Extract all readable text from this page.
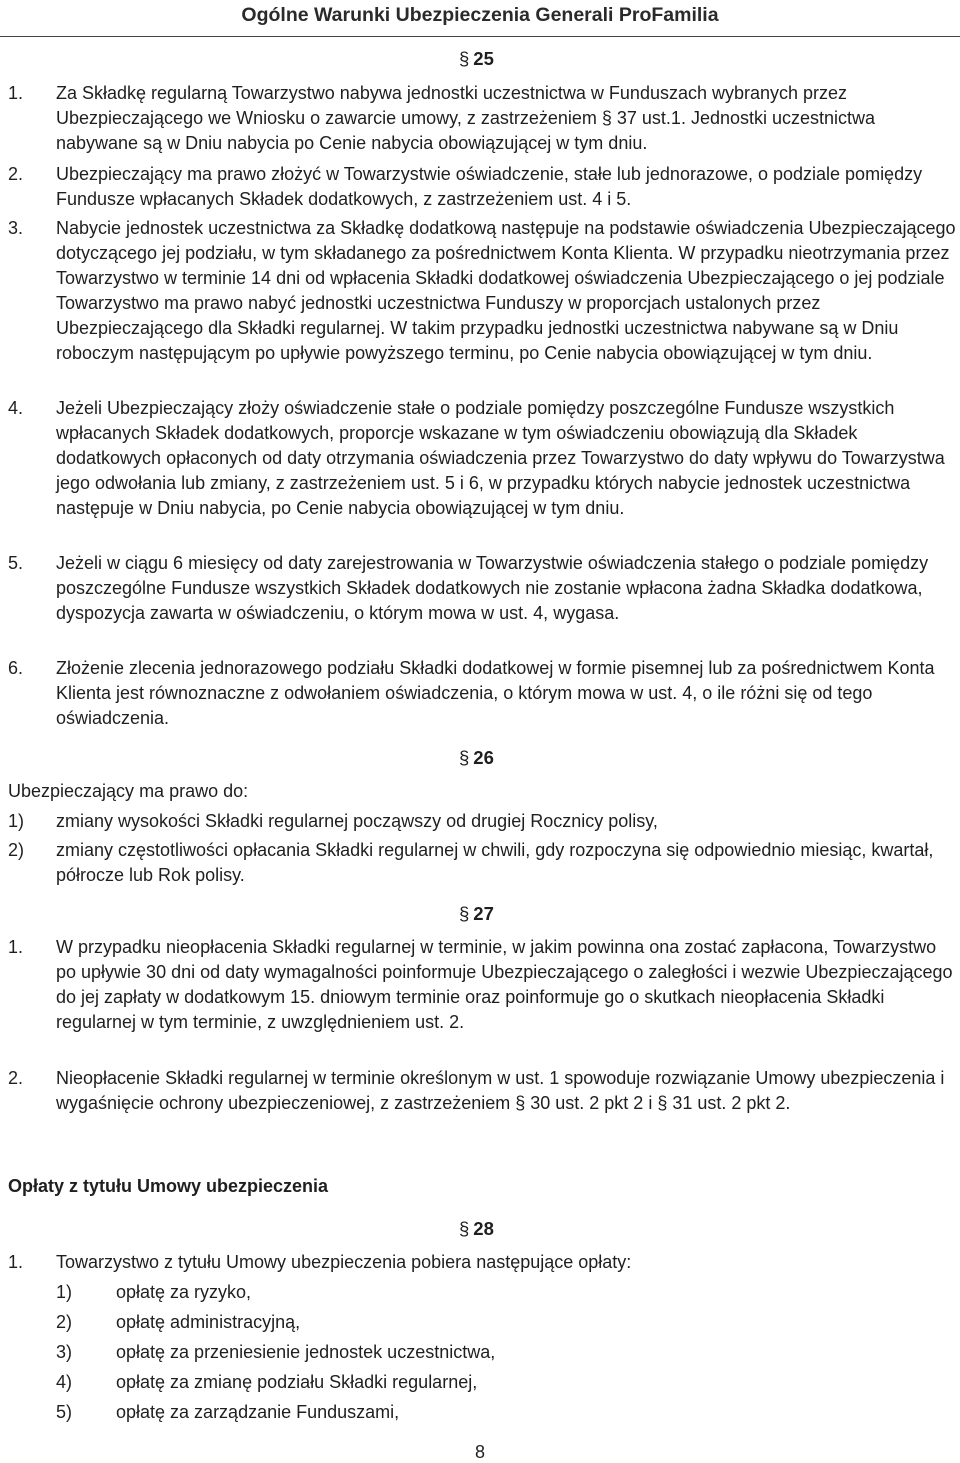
Ogólne Warunki Ubezpieczenia Generali ProFamilia
§ 25
1.	Za Składkę regularną Towarzystwo nabywa jednostki uczestnictwa w Funduszach wybranych przez Ubezpieczającego we Wniosku o zawarcie umowy, z zastrzeżeniem § 37 ust.1. Jednostki uczestnictwa nabywane są w Dniu nabycia po Cenie nabycia obowiązującej w tym dniu.
2.	Ubezpieczający ma prawo złożyć w Towarzystwie oświadczenie, stałe lub jednorazowe, o podziale pomiędzy Fundusze wpłacanych Składek dodatkowych, z zastrzeżeniem ust. 4 i 5.
3.	Nabycie jednostek uczestnictwa za Składkę dodatkową następuje na podstawie oświadczenia Ubezpieczającego dotyczącego jej podziału, w tym składanego za pośrednictwem Konta Klienta. W przypadku nieotrzymania przez Towarzystwo w terminie 14 dni od wpłacenia Składki dodatkowej oświadczenia Ubezpieczającego o jej podziale Towarzystwo ma prawo nabyć jednostki uczestnictwa Funduszy w proporcjach ustalonych przez Ubezpieczającego dla Składki regularnej. W takim przypadku jednostki uczestnictwa nabywane są w Dniu roboczym następującym po upływie powyższego terminu, po Cenie nabycia obowiązującej w tym dniu.
4.	Jeżeli Ubezpieczający złoży oświadczenie stałe o podziale pomiędzy poszczególne Fundusze wszystkich wpłacanych Składek dodatkowych, proporcje wskazane w tym oświadczeniu obowiązują dla Składek dodatkowych opłaconych od daty otrzymania oświadczenia przez Towarzystwo do daty wpływu do Towarzystwa jego odwołania lub zmiany, z zastrzeżeniem ust. 5 i 6, w przypadku których nabycie jednostek uczestnictwa następuje w Dniu nabycia, po Cenie nabycia obowiązującej w tym dniu.
5.	Jeżeli w ciągu 6 miesięcy od daty zarejestrowania w Towarzystwie oświadczenia stałego o podziale pomiędzy poszczególne Fundusze wszystkich Składek dodatkowych nie zostanie wpłacona żadna Składka dodatkowa, dyspozycja zawarta w oświadczeniu, o którym mowa w ust. 4, wygasa.
6.	Złożenie zlecenia jednorazowego podziału Składki dodatkowej w formie pisemnej lub za pośrednictwem Konta Klienta jest równoznaczne z odwołaniem oświadczenia, o którym mowa w ust. 4, o ile różni się od tego oświadczenia.
§ 26
Ubezpieczający ma prawo do:
1)	zmiany wysokości Składki regularnej począwszy od drugiej Rocznicy polisy,
2)	zmiany częstotliwości opłacania Składki regularnej w chwili, gdy rozpoczyna się odpowiednio miesiąc, kwartał, półrocze lub Rok polisy.
§ 27
1.	W przypadku nieopłacenia Składki regularnej w terminie, w jakim powinna ona zostać zapłacona, Towarzystwo po upływie 30 dni od daty wymagalności poinformuje Ubezpieczającego o zaległości i wezwie Ubezpieczającego do jej zapłaty w dodatkowym 15. dniowym terminie oraz poinformuje go o skutkach nieopłacenia Składki regularnej w tym terminie, z uwzględnieniem ust. 2.
2.	Nieopłacenie Składki regularnej w terminie określonym w ust. 1 spowoduje rozwiązanie Umowy ubezpieczenia i wygaśnięcie ochrony ubezpieczeniowej, z zastrzeżeniem § 30 ust. 2 pkt 2 i § 31 ust. 2 pkt 2.
Opłaty z tytułu Umowy ubezpieczenia
§ 28
1.	Towarzystwo z tytułu Umowy ubezpieczenia pobiera następujące opłaty:
1)	opłatę za ryzyko,
2)	opłatę administracyjną,
3)	opłatę za przeniesienie jednostek uczestnictwa,
4)	opłatę za zmianę podziału Składki regularnej,
5)	opłatę za zarządzanie Funduszami,
8
